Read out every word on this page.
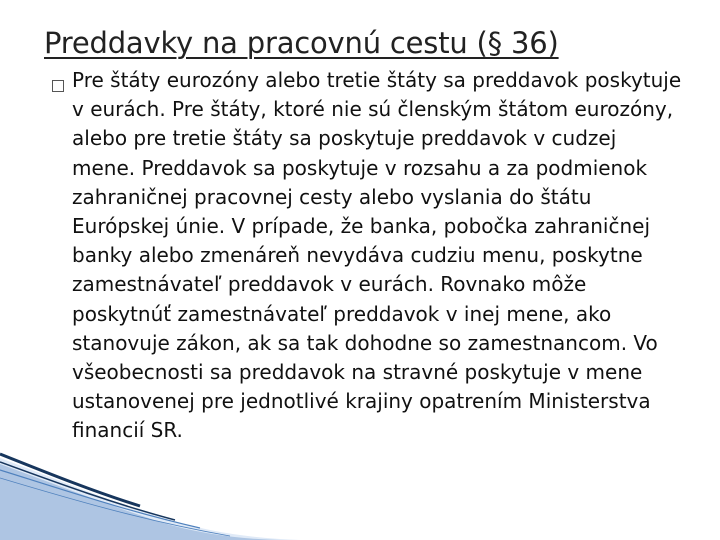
Preddavky na pracovnú cestu (§ 36)

Pre štáty eurozóny alebo tretie štáty sa preddavok poskytuje v eurách. Pre štáty, ktoré nie sú členským štátom eurozóny, alebo pre tretie štáty sa poskytuje preddavok v cudzej mene. Preddavok sa poskytuje v rozsahu a za podmienok zahraničnej pracovnej cesty alebo vyslania do štátu Európskej únie. V prípade, že banka, pobočka zahraničnej banky alebo zmenáreň nevydáva cudziu menu, poskytne zamestnávateľ preddavok v eurách. Rovnako môže poskytnúť zamestnávateľ preddavok v inej mene, ako stanovuje zákon, ak sa tak dohodne so zamestnancom. Vo všeobecnosti sa preddavok na stravné poskytuje v mene ustanovenej pre jednotlivé krajiny opatrením Ministerstva financií SR.
